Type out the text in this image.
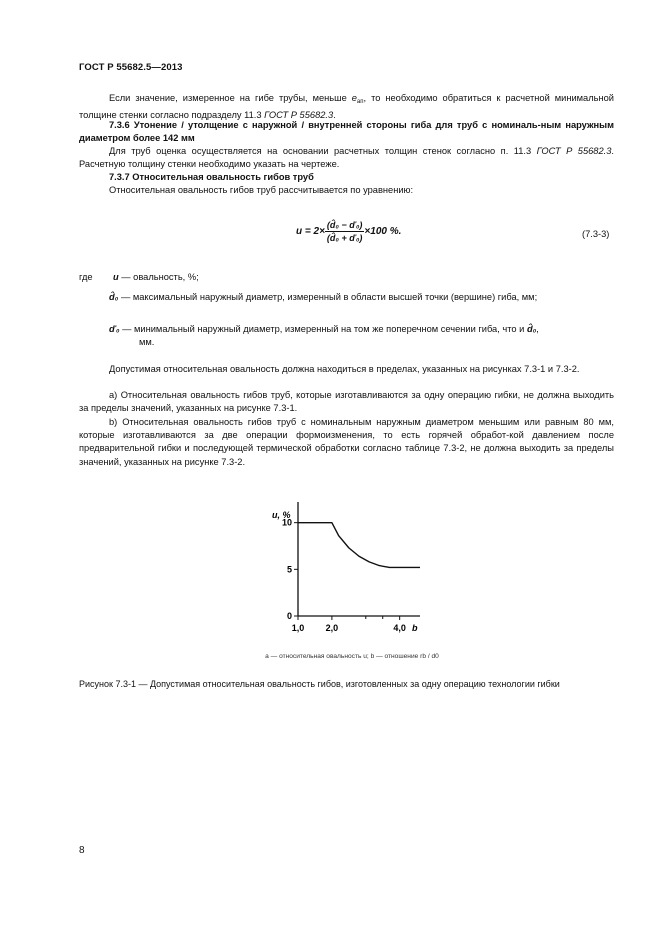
ГОСТ Р 55682.5—2013
Если значение, измеренное на гибе трубы, меньше $e_{ап}$, то необходимо обратиться к расчетной минимальной толщине стенки согласно подразделу 11.3 ГОСТ Р 55682.3.
7.3.6 Утонение / утолщение с наружной / внутренней стороны гиба для труб с номиналь-ным наружным диаметром более 142 мм
Для труб оценка осуществляется на основании расчетных толщин стенок согласно п. 11.3 ГОСТ Р 55682.3. Расчетную толщину стенки необходимо указать на чертеже.
7.3.7 Относительная овальность гибов труб
Относительная овальность гибов труб рассчитывается по уравнению:
$u = 2\times \frac{\text{(d̂₀ − ď₀)}}{\text{(d̂₀ + ď₀)}} \times 100$ %.	(7.3-3)
где u — овальность, %;
d̂₀ — максимальный наружный диаметр, измеренный в области высшей точки (вершине) гиба, мм;
ď₀ — минимальный наружный диаметр, измеренный на том же поперечном сечении гиба, что и d̂₀,
мм.
Допустимая относительная овальность должна находиться в пределах, указанных на рисунках 7.3-1 и 7.3-2.
a) Относительная овальность гибов труб, которые изготавливаются за одну операцию гибки, не должна выходить за пределы значений, указанных на рисунке 7.3-1.
b) Относительная овальность гибов труб с номинальным наружным диаметром меньшим или равным 80 мм, которые изготавливаются за две операции формоизменения, то есть горячей обработ-кой давлением после предварительной гибки и последующей термической обработки согласно таблице 7.3-2, не должна выходить за пределы значений, указанных на рисунке 7.3-2.
0
5
10
1,0 2,0	4,0
u, %
b
a — относительная овальность u; b — отношение rb / d0
Рисунок 7.3-1 — Допустимая относительная овальность гибов, изготовленных за одну операцию технологии гибки
8
